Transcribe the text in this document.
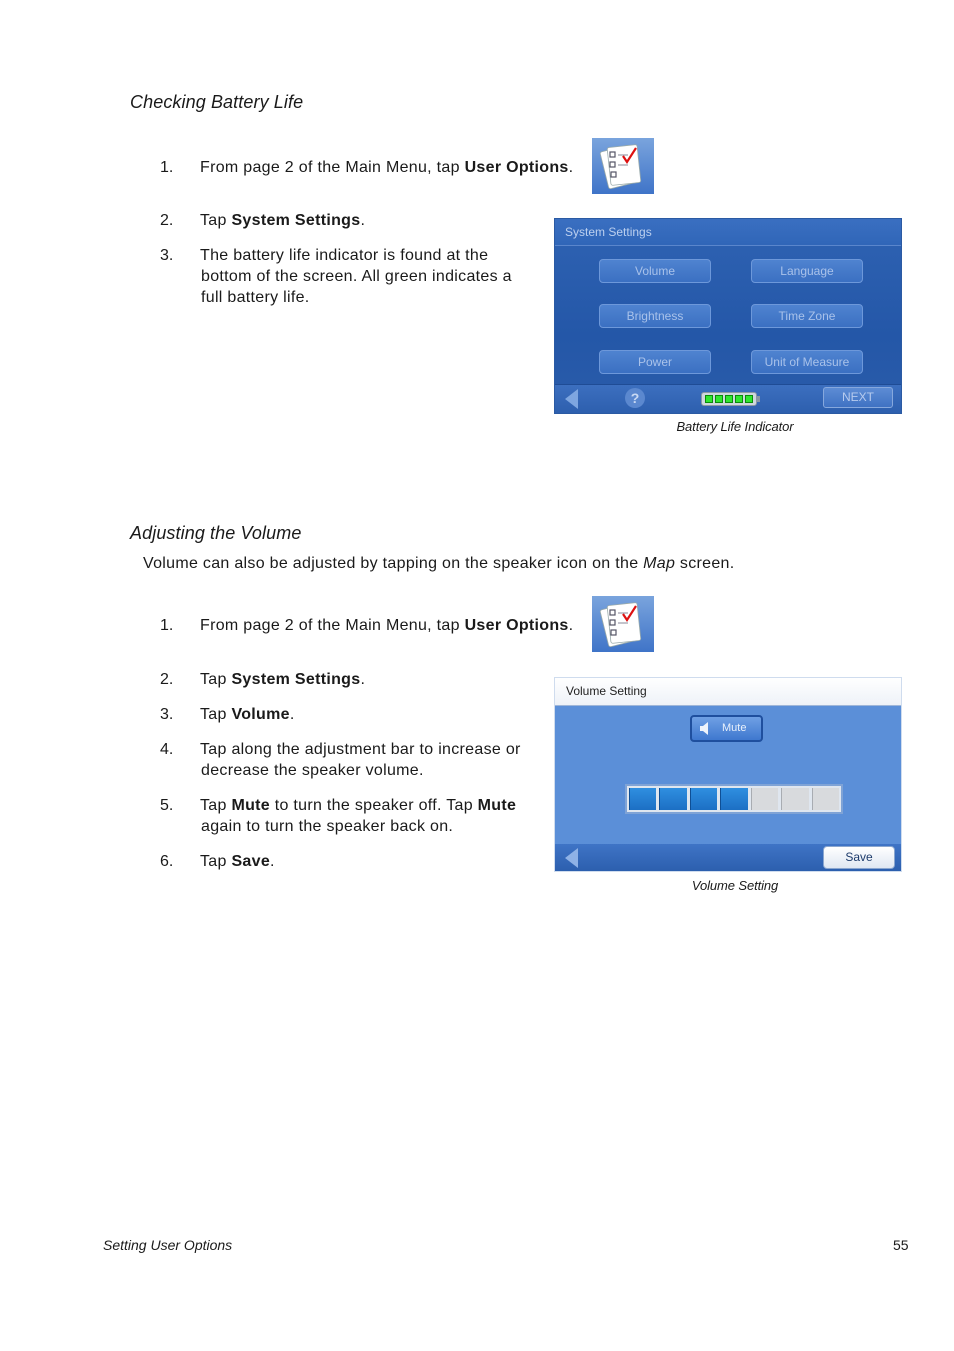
Checking Battery Life
1. From page 2 of the Main Menu, tap User Options.
2. Tap System Settings.
3. The battery life indicator is found at the
bottom of the screen. All green indicates a
full battery life.
System Settings
Volume	Language
Brightness	Time Zone
Power	Unit of Measure
?	NEXT
Battery Life Indicator
Adjusting the Volume
Volume can also be adjusted by tapping on the speaker icon on the Map screen.
1. From page 2 of the Main Menu, tap User Options.
2. Tap System Settings.
3. Tap Volume.
4. Tap along the adjustment bar to increase or
decrease the speaker volume.
5. Tap Mute to turn the speaker off. Tap Mute
again to turn the speaker back on.
6. Tap Save.
Volume Setting
Mute
Save
Volume Setting
Setting User Options	55
